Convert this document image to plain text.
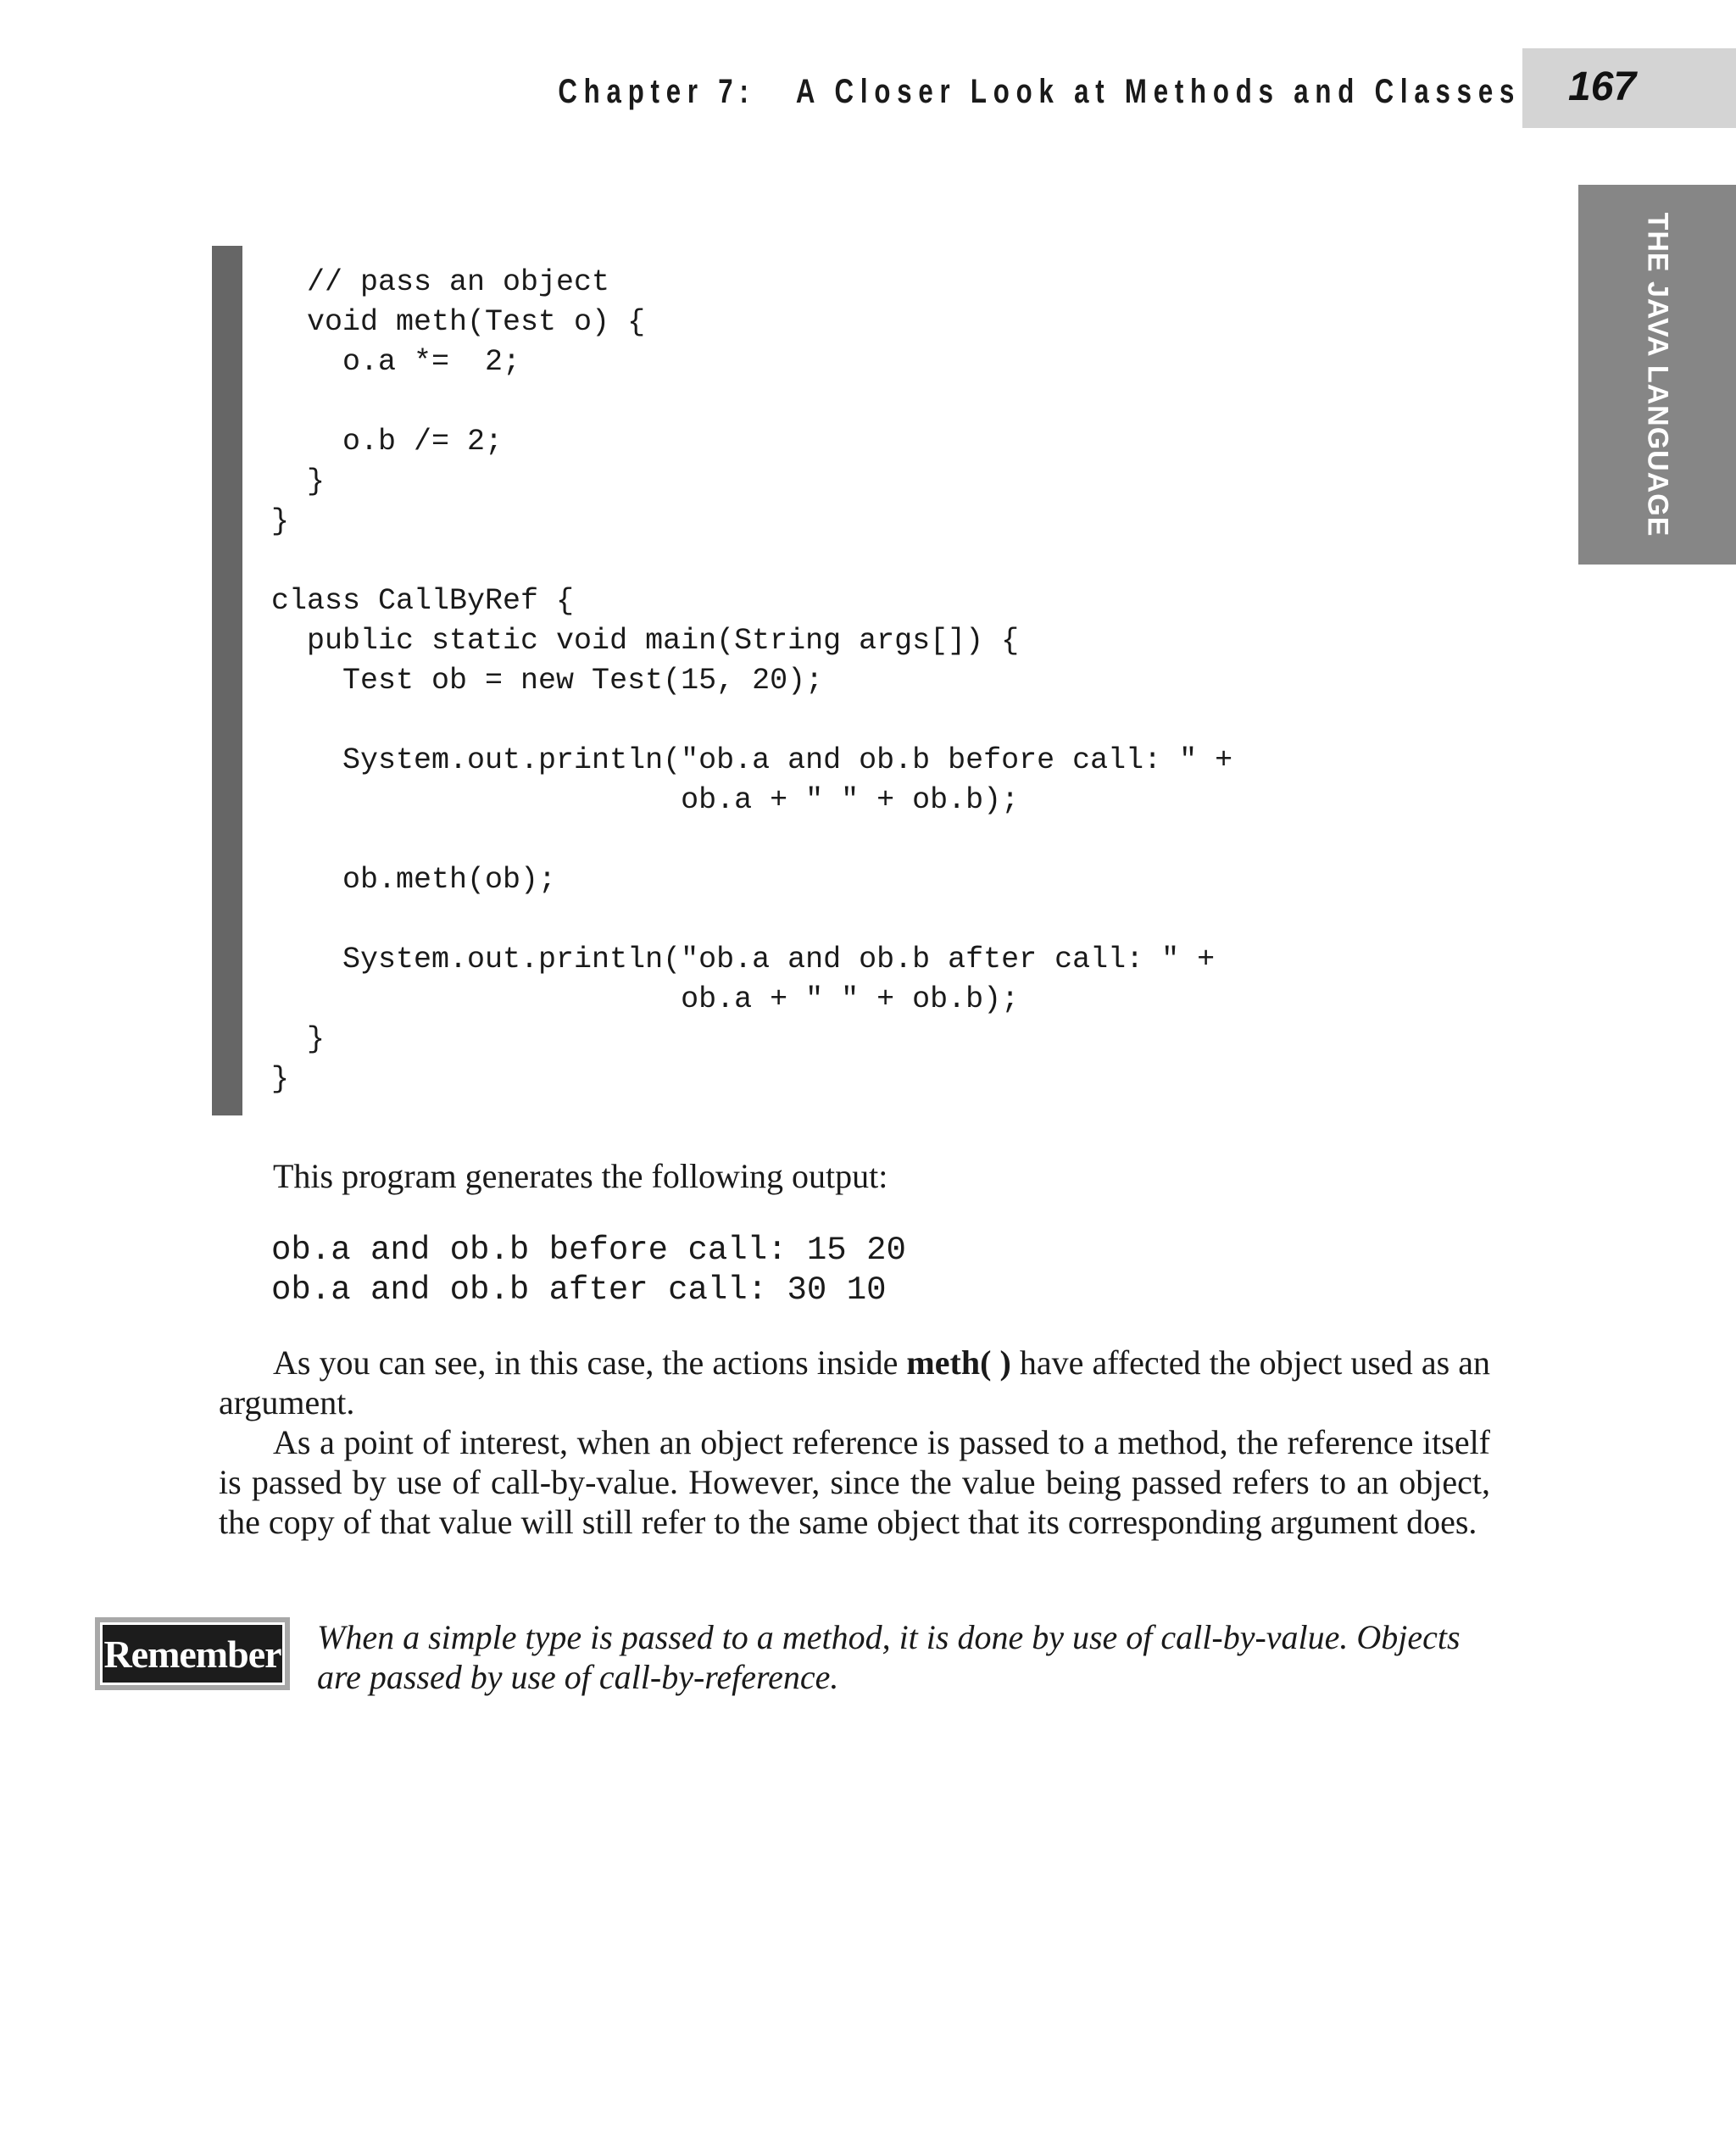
Chapter 7:   A Closer Look at Methods and Classes 167
THE JAVA LANGUAGE
// pass an object
void meth(Test o) {
o.a *=  2;

o.b /= 2;
}
}

class CallByRef {
public static void main(String args[]) {
Test ob = new Test(15, 20);

System.out.println("ob.a and ob.b before call: " +
ob.a + " " + ob.b);

ob.meth(ob);

System.out.println("ob.a and ob.b after call: " +
ob.a + " " + ob.b);
}
}

This program generates the following output:

ob.a and ob.b before call: 15 20
ob.a and ob.b after call: 30 10

As you can see, in this case, the actions inside meth( ) have affected the object used as an argument.

As a point of interest, when an object reference is passed to a method, the reference itself is passed by use of call-by-value. However, since the value being passed refers to an object, the copy of that value will still refer to the same object that its corresponding argument does.

Remember When a simple type is passed to a method, it is done by use of call-by-value. Objects are passed by use of call-by-reference.
